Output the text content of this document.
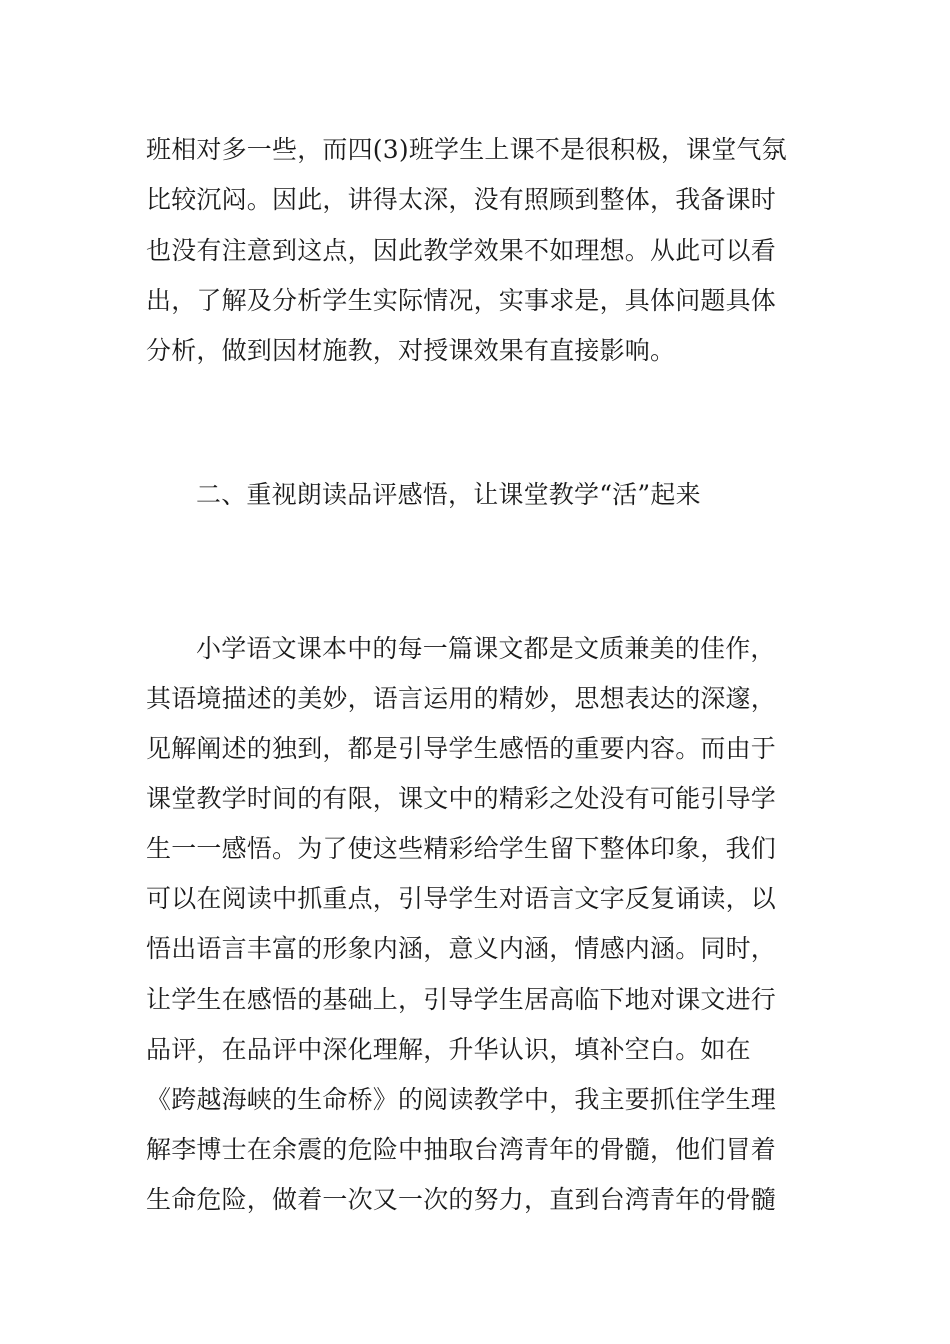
班相对多一些，而四(3)班学生上课不是很积极，课堂气氛
比较沉闷。因此，讲得太深，没有照顾到整体，我备课时
也没有注意到这点，因此教学效果不如理想。从此可以看
出，了解及分析学生实际情况，实事求是，具体问题具体
分析，做到因材施教，对授课效果有直接影响。
二、重视朗读品评感悟，让课堂教学“活”起来
小学语文课本中的每一篇课文都是文质兼美的佳作，
其语境描述的美妙，语言运用的精妙，思想表达的深邃，
见解阐述的独到，都是引导学生感悟的重要内容。而由于
课堂教学时间的有限，课文中的精彩之处没有可能引导学
生一一感悟。为了使这些精彩给学生留下整体印象，我们
可以在阅读中抓重点，引导学生对语言文字反复诵读，以
悟出语言丰富的形象内涵，意义内涵，情感内涵。同时，
让学生在感悟的基础上，引导学生居高临下地对课文进行
品评，在品评中深化理解，升华认识，填补空白。如在
《跨越海峡的生命桥》的阅读教学中，我主要抓住学生理
解李博士在余震的危险中抽取台湾青年的骨髓，他们冒着
生命危险，做着一次又一次的努力，直到台湾青年的骨髓
